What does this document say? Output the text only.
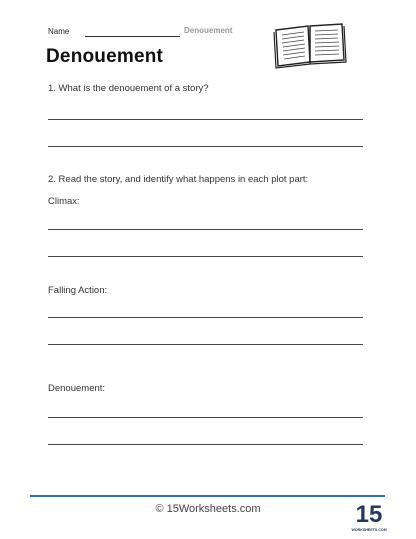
Name	Denouement
Denouement
1. What is the denouement of a story?
2. Read the story, and identify what happens in each plot part:
Climax:
Falling Action:
Denouement:
© 15Worksheets.com	15
WORKSHEETS.COM
